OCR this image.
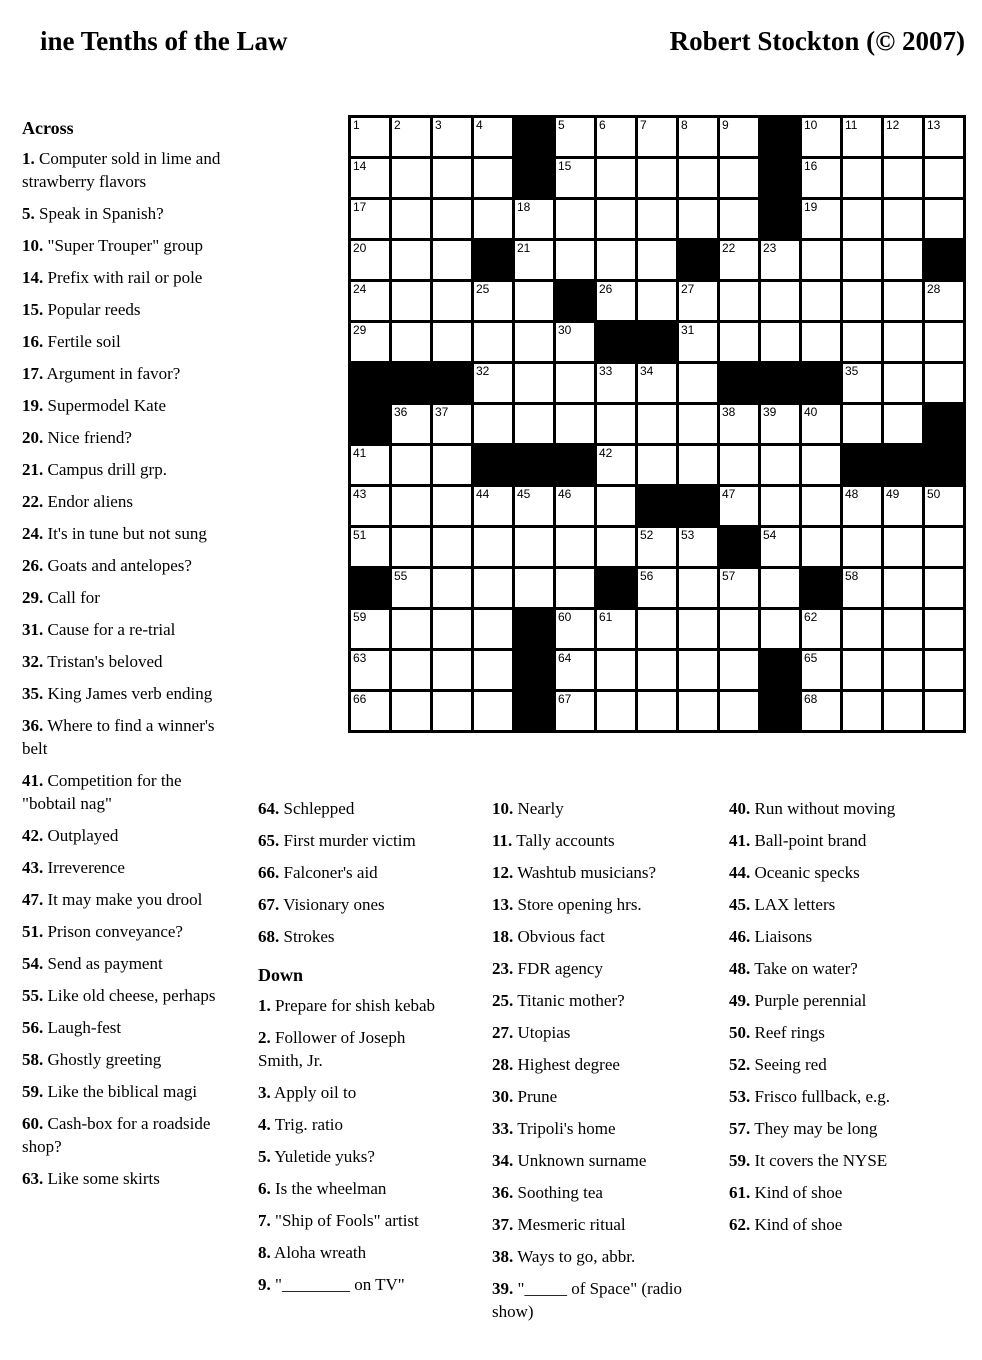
ine Tenths of the Law	Robert Stockton (© 2007)
1	2	3	4	5	6	7	8	9	10 11 12 13
14	15	16
17	18	19
20	21	22 23
24	25	26	27	28
29	30	31
32	33 34	35
36 37	38 39 40
41	42
43	44 45 46	47	48 49 50
51	52 53	54
55	56	57	58
59	60 61	62
63	64	65
66	67	68
Across
1. Computer sold in lime and strawberry flavors
5. Speak in Spanish?
10. "Super Trouper" group
14. Prefix with rail or pole
15. Popular reeds
16. Fertile soil
17. Argument in favor?
19. Supermodel Kate
20. Nice friend?
21. Campus drill grp.
22. Endor aliens
24. It's in tune but not sung
26. Goats and antelopes?
29. Call for
31. Cause for a re-trial
32. Tristan's beloved
35. King James verb ending
36. Where to find a winner's belt
41. Competition for the "bobtail nag"
42. Outplayed
43. Irreverence
47. It may make you drool
51. Prison conveyance?
54. Send as payment
55. Like old cheese, perhaps
56. Laugh-fest
58. Ghostly greeting
59. Like the biblical magi
60. Cash-box for a roadside shop?
63. Like some skirts
64. Schlepped
65. First murder victim
66. Falconer's aid
67. Visionary ones
68. Strokes
Down
1. Prepare for shish kebab
2. Follower of Joseph Smith, Jr.
3. Apply oil to
4. Trig. ratio
5. Yuletide yuks?
6. Is the wheelman
7. "Ship of Fools" artist
8. Aloha wreath
9. "________ on TV"
10. Nearly
11. Tally accounts
12. Washtub musicians?
13. Store opening hrs.
18. Obvious fact
23. FDR agency
25. Titanic mother?
27. Utopias
28. Highest degree
30. Prune
33. Tripoli's home
34. Unknown surname
36. Soothing tea
37. Mesmeric ritual
38. Ways to go, abbr.
39. "_____ of Space" (radio show)
40. Run without moving
41. Ball-point brand
44. Oceanic specks
45. LAX letters
46. Liaisons
48. Take on water?
49. Purple perennial
50. Reef rings
52. Seeing red
53. Frisco fullback, e.g.
57. They may be long
59. It covers the NYSE
61. Kind of shoe
62. Kind of shoe
